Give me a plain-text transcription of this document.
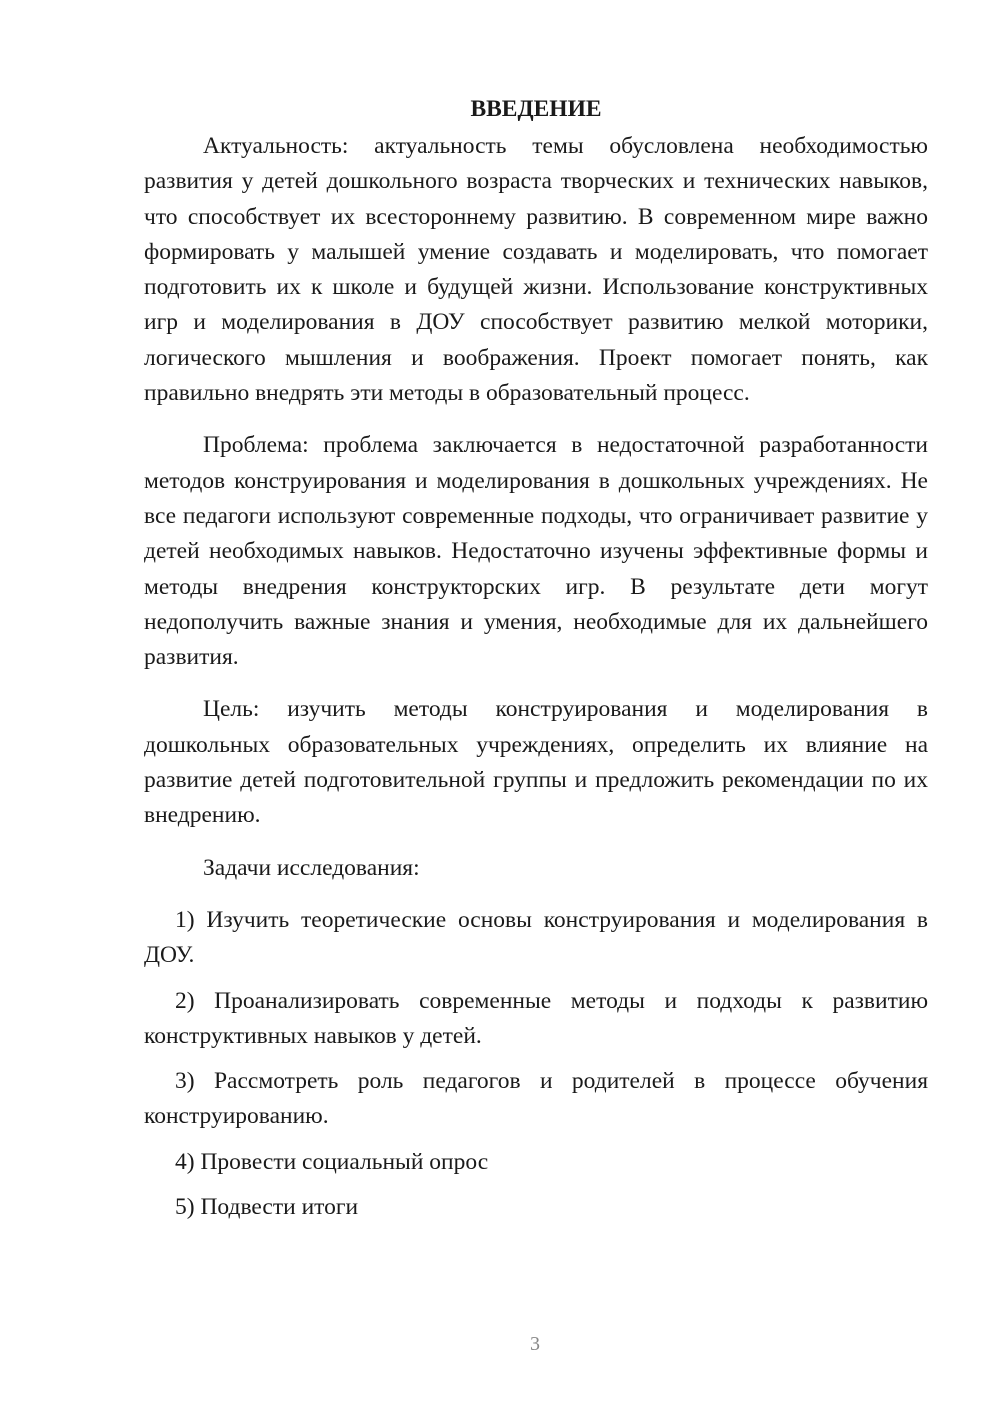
ВВЕДЕНИЕ

Актуальность: актуальность темы обусловлена необходимостью развития у детей дошкольного возраста творческих и технических навыков, что способствует их всестороннему развитию. В современном мире важно формировать у малышей умение создавать и моделировать, что помогает подготовить их к школе и будущей жизни. Использование конструктивных игр и моделирования в ДОУ способствует развитию мелкой моторики, логического мышления и воображения. Проект помогает понять, как правильно внедрять эти методы в образовательный процесс.

Проблема: проблема заключается в недостаточной разработанности методов конструирования и моделирования в дошкольных учреждениях. Не все педагоги используют современные подходы, что ограничивает развитие у детей необходимых навыков. Недостаточно изучены эффективные формы и методы внедрения конструкторских игр. В результате дети могут недополучить важные знания и умения, необходимые для их дальнейшего развития.

Цель: изучить методы конструирования и моделирования в дошкольных образовательных учреждениях, определить их влияние на развитие детей подготовительной группы и предложить рекомендации по их внедрению.

Задачи исследования:

1) Изучить теоретические основы конструирования и моделирования в ДОУ.

2) Проанализировать современные методы и подходы к развитию конструктивных навыков у детей.

3) Рассмотреть роль педагогов и родителей в процессе обучения конструированию.

4) Провести социальный опрос

5) Подвести итоги

3
